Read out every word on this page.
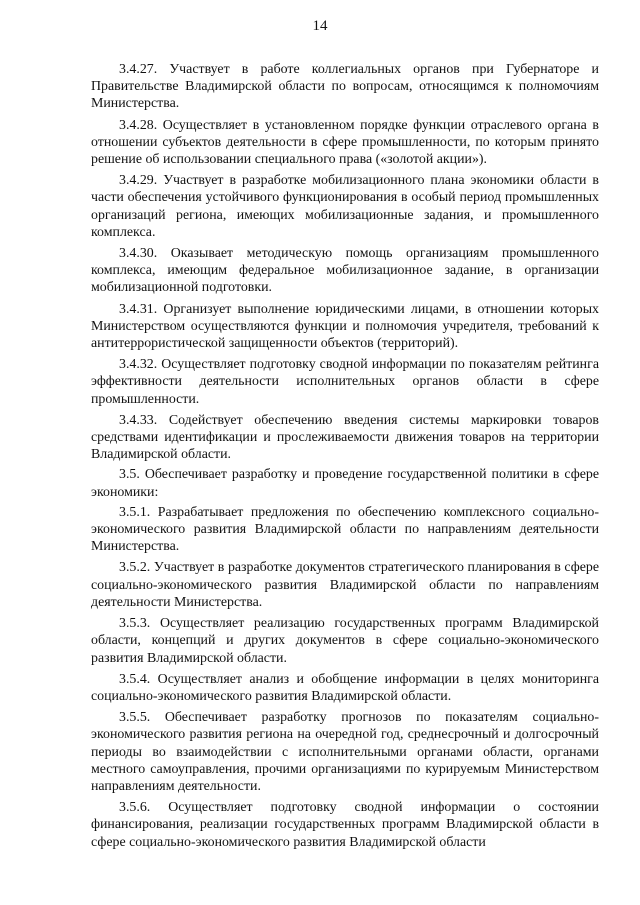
14

3.4.27. Участвует в работе коллегиальных органов при Губернаторе и Правительстве Владимирской области по вопросам, относящимся к полномочиям Министерства.

3.4.28. Осуществляет в установленном порядке функции отраслевого органа в отношении субъектов деятельности в сфере промышленности, по которым принято решение об использовании специального права («золотой акции»).

3.4.29. Участвует в разработке мобилизационного плана экономики области в части обеспечения устойчивого функционирования в особый период промышленных организаций региона, имеющих мобилизационные задания, и промышленного комплекса.

3.4.30. Оказывает методическую помощь организациям промышленного комплекса, имеющим федеральное мобилизационное задание, в организации мобилизационной подготовки.

3.4.31. Организует выполнение юридическими лицами, в отношении которых Министерством осуществляются функции и полномочия учредителя, требований к антитеррористической защищенности объектов (территорий).

3.4.32. Осуществляет подготовку сводной информации по показателям рейтинга эффективности деятельности исполнительных органов области в сфере промышленности.

3.4.33. Содействует обеспечению введения системы маркировки товаров средствами идентификации и прослеживаемости движения товаров на территории Владимирской области.

3.5. Обеспечивает разработку и проведение государственной политики в сфере экономики:

3.5.1. Разрабатывает предложения по обеспечению комплексного социально-экономического развития Владимирской области по направлениям деятельности Министерства.

3.5.2. Участвует в разработке документов стратегического планирования в сфере социально-экономического развития Владимирской области по направлениям деятельности Министерства.

3.5.3. Осуществляет реализацию государственных программ Владимирской области, концепций и других документов в сфере социально-экономического развития Владимирской области.

3.5.4. Осуществляет анализ и обобщение информации в целях мониторинга социально-экономического развития Владимирской области.

3.5.5. Обеспечивает разработку прогнозов по показателям социально-экономического развития региона на очередной год, среднесрочный и долгосрочный периоды во взаимодействии с исполнительными органами области, органами местного самоуправления, прочими организациями по курируемым Министерством направлениям деятельности.

3.5.6. Осуществляет подготовку сводной информации о состоянии финансирования, реализации государственных программ Владимирской области в сфере социально-экономического развития Владимирской области
